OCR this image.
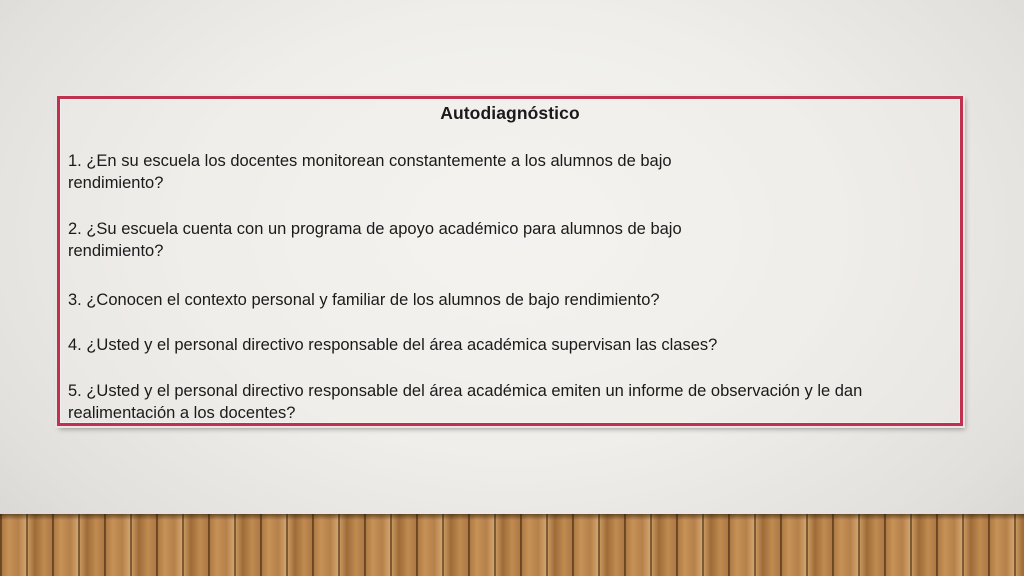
Autodiagnóstico
1. ¿En su escuela los docentes monitorean constantemente a los alumnos de bajo
rendimiento?
2. ¿Su escuela cuenta con un programa de apoyo académico para alumnos de bajo
rendimiento?
3. ¿Conocen el contexto personal y familiar de los alumnos de bajo rendimiento?
4. ¿Usted y el personal directivo responsable del área académica supervisan las clases?
5. ¿Usted y el personal directivo responsable del área académica emiten un informe de observación y le dan
realimentación a los docentes?
